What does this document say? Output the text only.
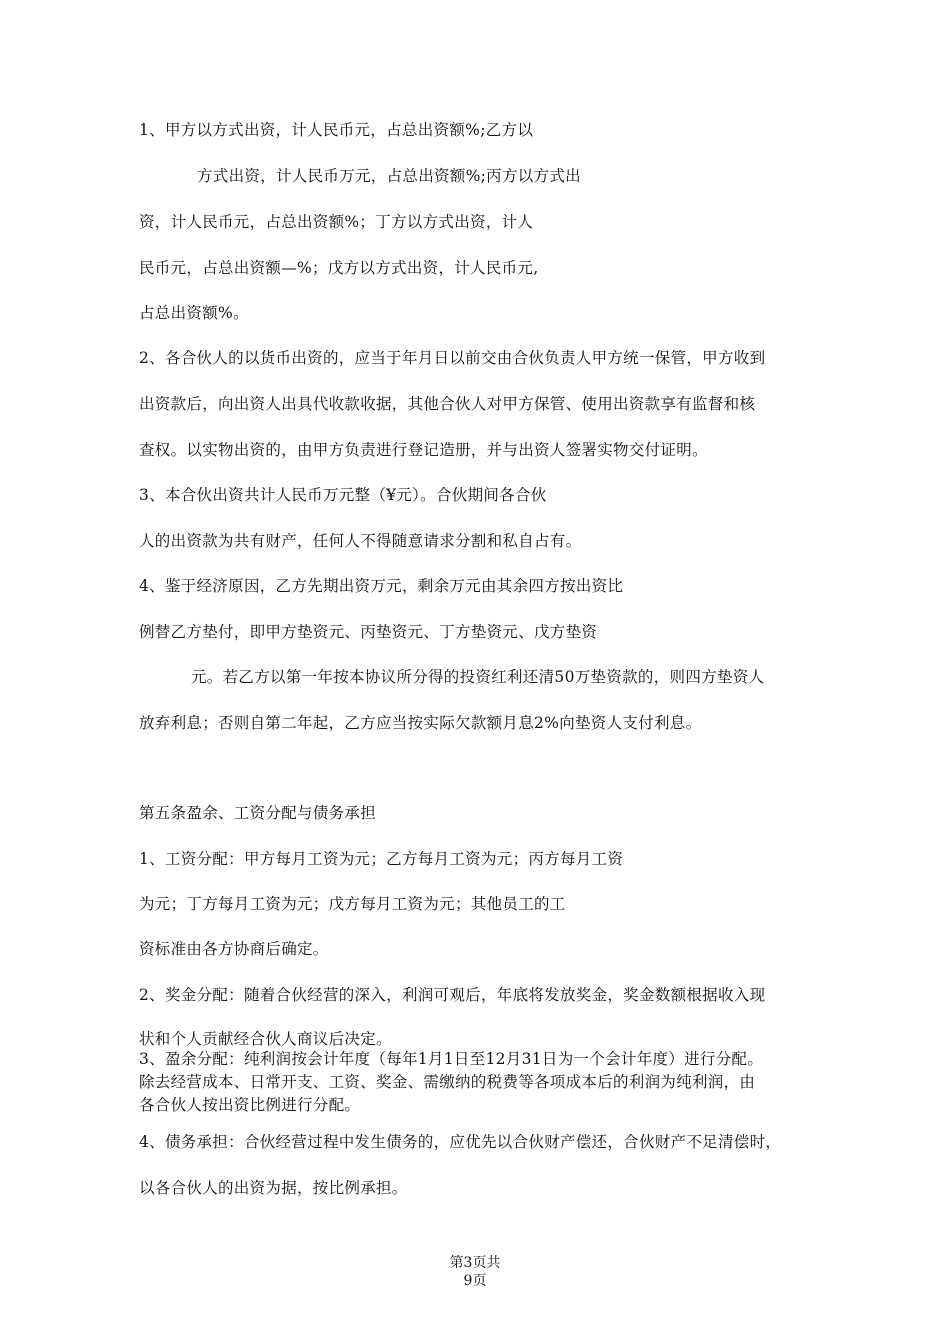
1、甲方以方式出资，计人民币元，占总出资额%;乙方以
方式出资，计人民币万元，占总出资额%;丙方以方式出
资，计人民币元，占总出资额%；丁方以方式出资，计人
民币元，占总出资额—%；戊方以方式出资，计人民币元,
占总出资额%。
2、各合伙人的以货币出资的，应当于年月日以前交由合伙负责人甲方统一保管，甲方收到
出资款后，向出资人出具代收款收据，其他合伙人对甲方保管、使用出资款享有监督和核
查权。以实物出资的，由甲方负责进行登记造册，并与出资人签署实物交付证明。
3、本合伙出资共计人民币万元整（¥元）。合伙期间各合伙
人的出资款为共有财产，任何人不得随意请求分割和私自占有。
4、鉴于经济原因，乙方先期出资万元，剩余万元由其余四方按出资比
例替乙方垫付，即甲方垫资元、丙垫资元、丁方垫资元、戊方垫资
元。若乙方以第一年按本协议所分得的投资红利还清50万垫资款的，则四方垫资人
放弃利息；否则自第二年起，乙方应当按实际欠款额月息2%向垫资人支付利息。
第五条盈余、工资分配与债务承担
1、工资分配：甲方每月工资为元；乙方每月工资为元；丙方每月工资
为元；丁方每月工资为元；戊方每月工资为元；其他员工的工
资标准由各方协商后确定。
2、奖金分配：随着合伙经营的深入，利润可观后，年底将发放奖金，奖金数额根据收入现
状和个人贡献经合伙人商议后决定。
3、盈余分配：纯利润按会计年度（每年1月1日至12月31日为一个会计年度）进行分配。
除去经营成本、日常开支、工资、奖金、需缴纳的税费等各项成本后的利润为纯利润，由
各合伙人按出资比例进行分配。
4、债务承担：合伙经营过程中发生债务的，应优先以合伙财产偿还，合伙财产不足清偿时，
以各合伙人的出资为据，按比例承担。
第3页共
9页
